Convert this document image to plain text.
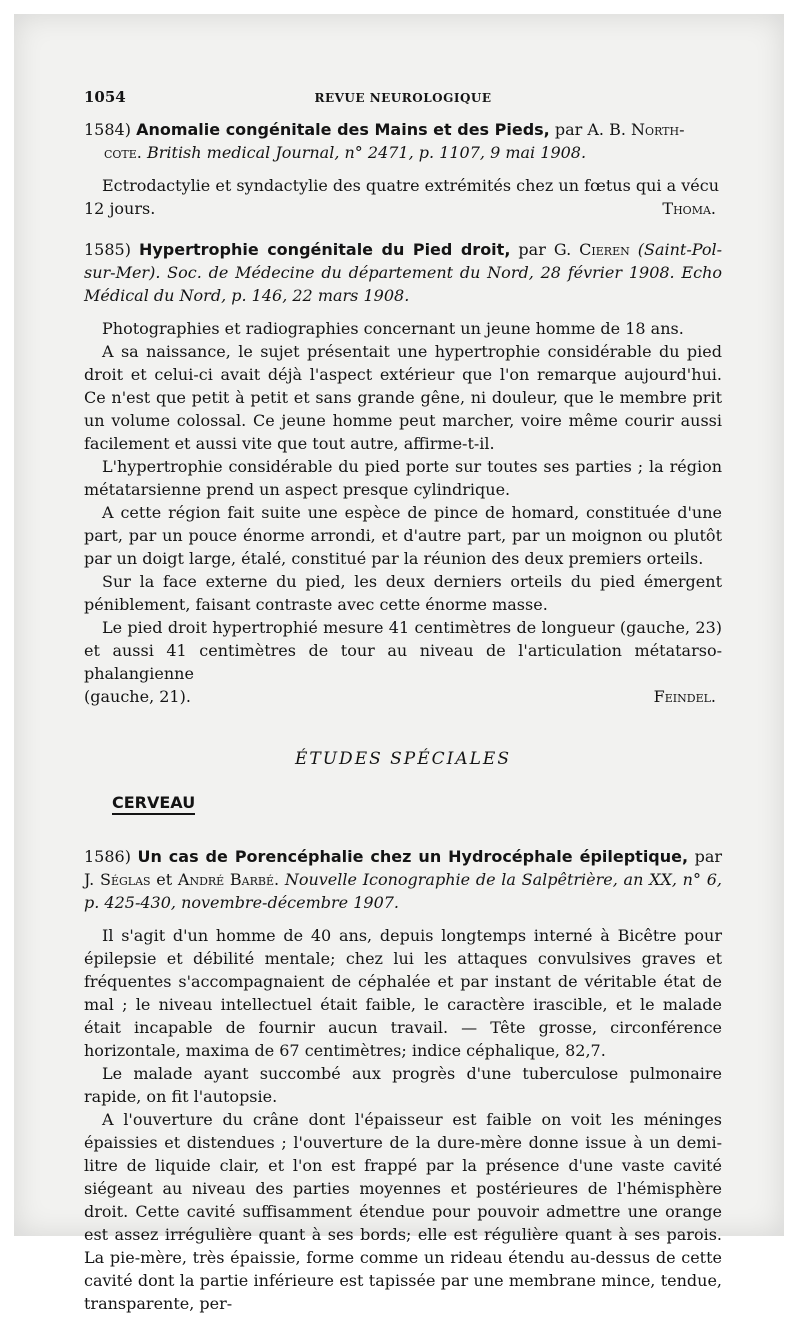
1054	REVUE NEUROLOGIQUE
1584) Anomalie congénitale des Mains et des Pieds, par A. B. North-
cote. British medical Journal, n° 2471, p. 1107, 9 mai 1908.

Ectrodactylie et syndactylie des quatre extrémités chez un fœtus qui a vécu

12 jours.	Thoma.
1585) Hypertrophie congénitale du Pied droit, par G. Cieren (Saint-Pol-sur-Mer). Soc. de Médecine du département du Nord, 28 février 1908. Echo Médical du Nord, p. 146, 22 mars 1908.

Photographies et radiographies concernant un jeune homme de 18 ans.

A sa naissance, le sujet présentait une hypertrophie considérable du pied droit et celui-ci avait déjà l'aspect extérieur que l'on remarque aujourd'hui. Ce n'est que petit à petit et sans grande gêne, ni douleur, que le membre prit un volume colossal. Ce jeune homme peut marcher, voire même courir aussi facilement et aussi vite que tout autre, affirme-t-il.

L'hypertrophie considérable du pied porte sur toutes ses parties ; la région métatarsienne prend un aspect presque cylindrique.

A cette région fait suite une espèce de pince de homard, constituée d'une part, par un pouce énorme arrondi, et d'autre part, par un moignon ou plutôt par un doigt large, étalé, constitué par la réunion des deux premiers orteils.

Sur la face externe du pied, les deux derniers orteils du pied émergent péniblement, faisant contraste avec cette énorme masse.

Le pied droit hypertrophié mesure 41 centimètres de longueur (gauche, 23) et aussi 41 centimètres de tour au niveau de l'articulation métatarso-phalangienne

(gauche, 21).	Feindel.
ÉTUDES SPÉCIALES
CERVEAU
1586) Un cas de Porencéphalie chez un Hydrocéphale épileptique, par J. Séglas et André Barbé. Nouvelle Iconographie de la Salpêtrière, an XX, n° 6, p. 425-430, novembre-décembre 1907.

Il s'agit d'un homme de 40 ans, depuis longtemps interné à Bicêtre pour épilepsie et débilité mentale; chez lui les attaques convulsives graves et fréquentes s'accompagnaient de céphalée et par instant de véritable état de mal ; le niveau intellectuel était faible, le caractère irascible, et le malade était incapable de fournir aucun travail. — Tête grosse, circonférence horizontale, maxima de 67 centimètres; indice céphalique, 82,7.

Le malade ayant succombé aux progrès d'une tuberculose pulmonaire rapide, on fit l'autopsie.

A l'ouverture du crâne dont l'épaisseur est faible on voit les méninges épaissies et distendues ; l'ouverture de la dure-mère donne issue à un demi-litre de liquide clair, et l'on est frappé par la présence d'une vaste cavité siégeant au niveau des parties moyennes et postérieures de l'hémisphère droit. Cette cavité suffisamment étendue pour pouvoir admettre une orange est assez irrégulière quant à ses bords; elle est régulière quant à ses parois. La pie-mère, très épaissie, forme comme un rideau étendu au-dessus de cette cavité dont la partie inférieure est tapissée par une membrane mince, tendue, transparente, per-
